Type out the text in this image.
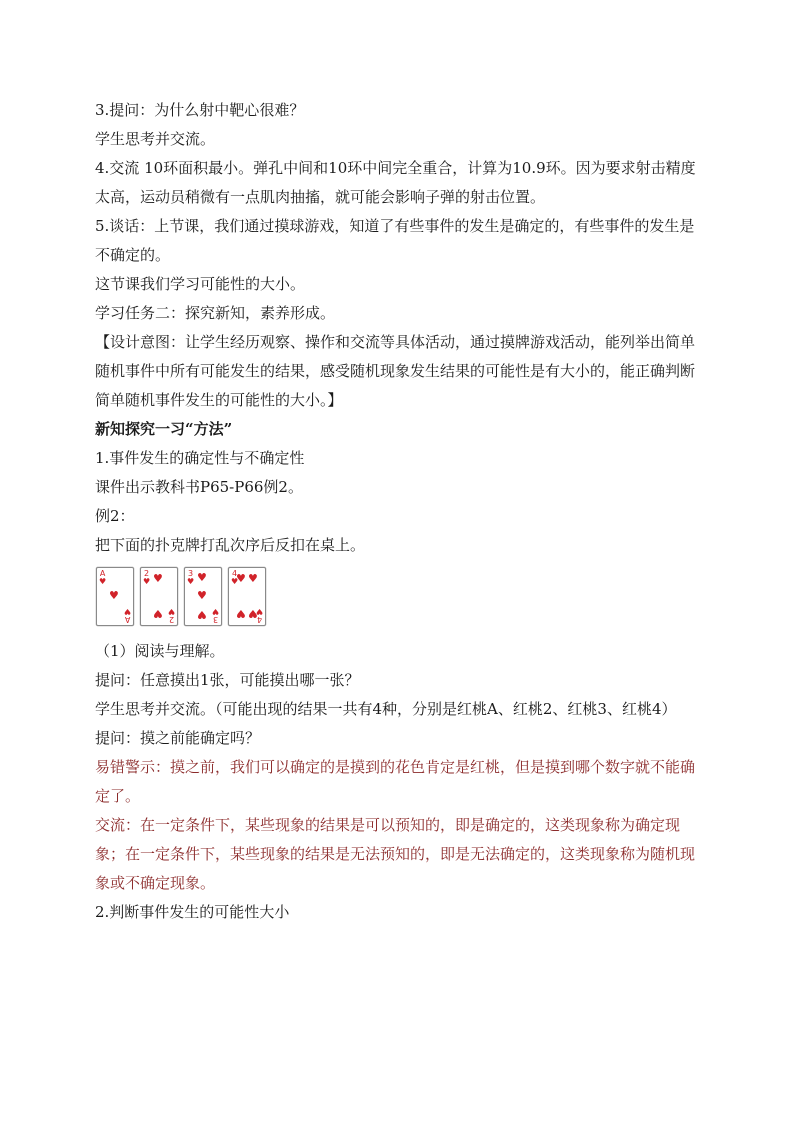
3.提问：为什么射中靶心很难？

学生思考并交流。

4.交流 10环面积最小。弹孔中间和10环中间完全重合，计算为10.9环。因为要求射击精度太高，运动员稍微有一点肌肉抽搐，就可能会影响子弹的射击位置。

5.谈话：上节课，我们通过摸球游戏，知道了有些事件的发生是确定的，有些事件的发生是不确定的。

这节课我们学习可能性的大小。

学习任务二：探究新知，素养形成。

【设计意图：让学生经历观察、操作和交流等具体活动，通过摸牌游戏活动，能列举出简单随机事件中所有可能发生的结果，感受随机现象发生结果的可能性是有大小的，能正确判断简单随机事件发生的可能性的大小。】

新知探究一习“方法”

1.事件发生的确定性与不确定性

课件出示教科书P65-P66例2。

例2：

把下面的扑克牌打乱次序后反扣在桌上。

A
♥
♥
A
♥
2
♥ ♥
♥ 2
♥
3
♥ ♥
♥
♥ 3
♥
4
♥
♥ ♥
♥ ♥ 4
♥

（1）阅读与理解。

提问：任意摸出1张，可能摸出哪一张？

学生思考并交流。（可能出现的结果一共有4种，分别是红桃A、红桃2、红桃3、红桃4）

提问：摸之前能确定吗？

易错警示：摸之前，我们可以确定的是摸到的花色肯定是红桃，但是摸到哪个数字就不能确定了。

交流：在一定条件下，某些现象的结果是可以预知的，即是确定的，这类现象称为确定现象；在一定条件下，某些现象的结果是无法预知的，即是无法确定的，这类现象称为随机现象或不确定现象。

2.判断事件发生的可能性大小
